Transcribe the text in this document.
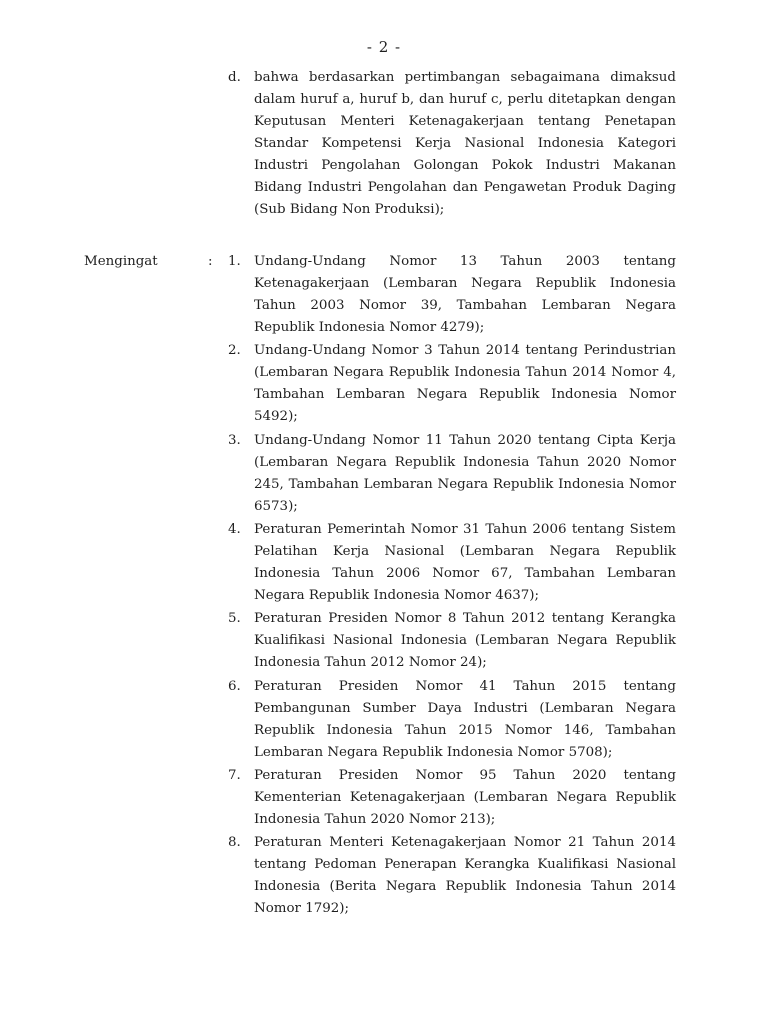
- 2 -
d. bahwa berdasarkan pertimbangan sebagaimana dimaksud dalam huruf a, huruf b, dan huruf c, perlu ditetapkan dengan Keputusan Menteri Ketenagakerjaan tentang Penetapan Standar Kompetensi Kerja Nasional Indonesia Kategori Industri Pengolahan Golongan Pokok Industri Makanan Bidang Industri Pengolahan dan Pengawetan Produk Daging (Sub Bidang Non Produksi);
Mengingat	: 1. Undang-Undang Nomor 13 Tahun 2003 tentang Ketenagakerjaan (Lembaran Negara Republik Indonesia Tahun 2003 Nomor 39, Tambahan Lembaran Negara Republik Indonesia Nomor 4279);
2. Undang-Undang Nomor 3 Tahun 2014 tentang Perindustrian (Lembaran Negara Republik Indonesia Tahun 2014 Nomor 4, Tambahan Lembaran Negara Republik Indonesia Nomor 5492);
3. Undang-Undang Nomor 11 Tahun 2020 tentang Cipta Kerja (Lembaran Negara Republik Indonesia Tahun 2020 Nomor 245, Tambahan Lembaran Negara Republik Indonesia Nomor 6573);
4. Peraturan Pemerintah Nomor 31 Tahun 2006 tentang Sistem Pelatihan Kerja Nasional (Lembaran Negara Republik Indonesia Tahun 2006 Nomor 67, Tambahan Lembaran Negara Republik Indonesia Nomor 4637);
5. Peraturan Presiden Nomor 8 Tahun 2012 tentang Kerangka Kualifikasi Nasional Indonesia (Lembaran Negara Republik Indonesia Tahun 2012 Nomor 24);
6. Peraturan Presiden Nomor 41 Tahun 2015 tentang Pembangunan Sumber Daya Industri (Lembaran Negara Republik Indonesia Tahun 2015 Nomor 146, Tambahan Lembaran Negara Republik Indonesia Nomor 5708);
7. Peraturan Presiden Nomor 95 Tahun 2020 tentang Kementerian Ketenagakerjaan (Lembaran Negara Republik Indonesia Tahun 2020 Nomor 213);
8. Peraturan Menteri Ketenagakerjaan Nomor 21 Tahun 2014 tentang Pedoman Penerapan Kerangka Kualifikasi Nasional Indonesia (Berita Negara Republik Indonesia Tahun 2014 Nomor 1792);
